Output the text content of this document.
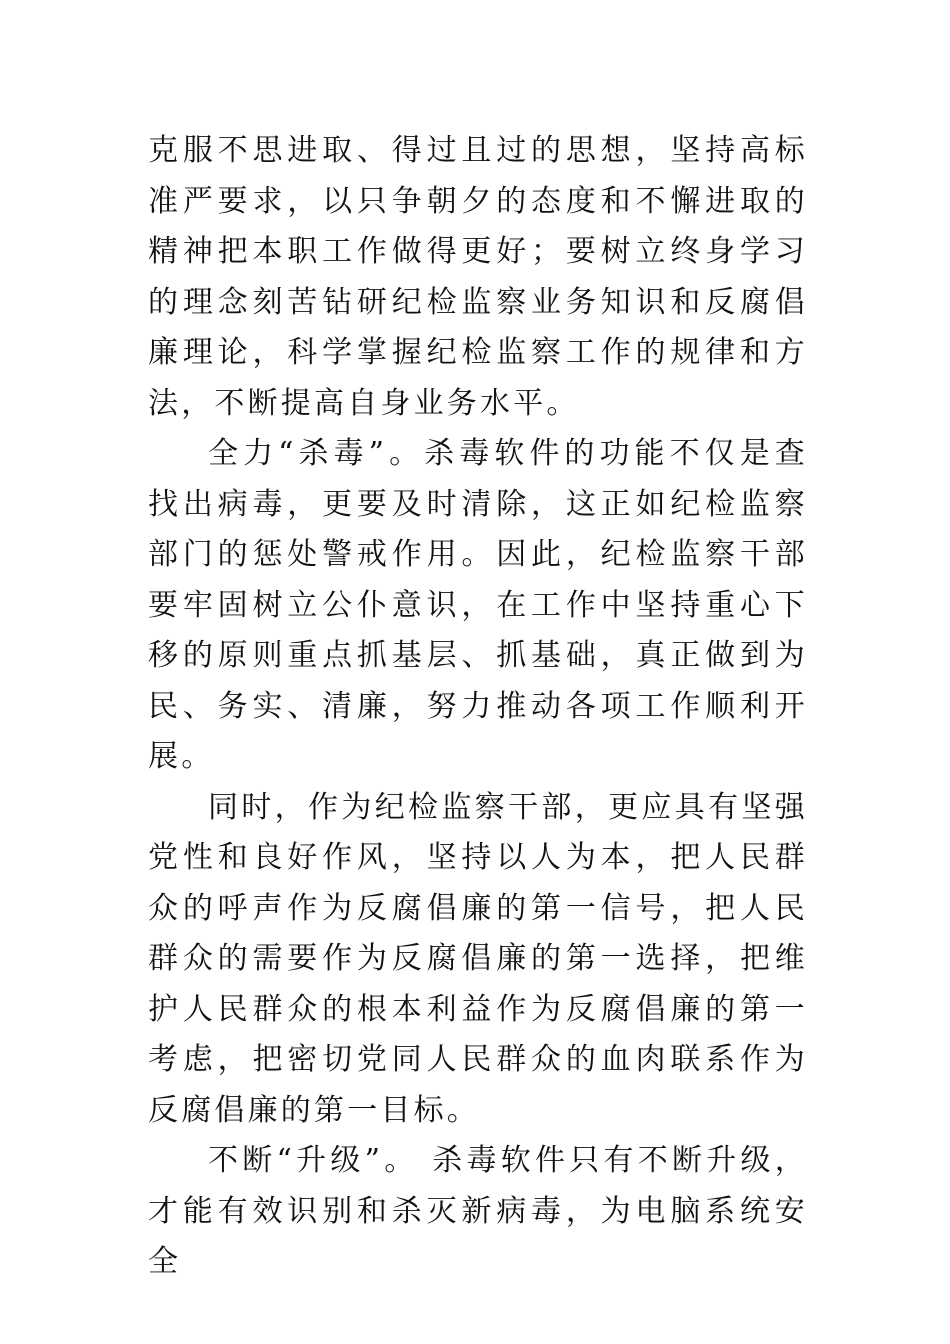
克服不思进取、得过且过的思想，坚持高标准严要求，以只争朝夕的态度和不懈进取的精神把本职工作做得更好；要树立终身学习的理念刻苦钻研纪检监察业务知识和反腐倡廉理论，科学掌握纪检监察工作的规律和方法，不断提高自身业务水平。

全力“杀毒”。杀毒软件的功能不仅是查找出病毒，更要及时清除，这正如纪检监察部门的惩处警戒作用。因此，纪检监察干部要牢固树立公仆意识，在工作中坚持重心下移的原则重点抓基层、抓基础，真正做到为民、务实、清廉，努力推动各项工作顺利开展。

同时，作为纪检监察干部，更应具有坚强党性和良好作风，坚持以人为本，把人民群众的呼声作为反腐倡廉的第一信号，把人民群众的需要作为反腐倡廉的第一选择，把维护人民群众的根本利益作为反腐倡廉的第一考虑，把密切党同人民群众的血肉联系作为反腐倡廉的第一目标。

不断“升级”。 杀毒软件只有不断升级，才能有效识别和杀灭新病毒，为电脑系统安全
